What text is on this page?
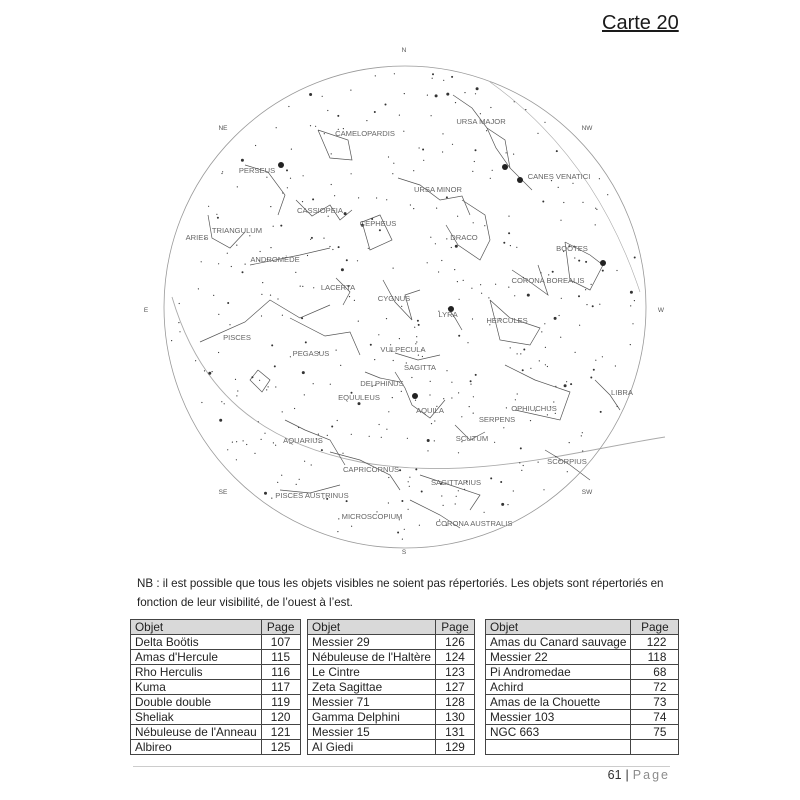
Carte 20
N
NE
E
SE
S
SW
W
NW
URSA MAJOR
CAMELOPARDIS
CANES VENATICI
PERSEUS
URSA MINOR
CASSIOPEIA
CEPHEUS
ARIES
TRIANGULUM
DRACO
BOOTES
ANDROMÈDE
CORONA BOREALIS
LACERTA
CYGNUS
LYRA
HERCULES
PISCES
PEGASUS	VULPECULA
SAGITTA
DELPHINUS
EQUULEUS
AQUILA	OPHIUCHUS
LIBRA
SERPENS
SCUTUM
AQUARIUS
CAPRICORNUS
SCORPIUS
SAGITTARIUS
PISCES AUSTRINUS
MICROSCOPIUM
CORONA AUSTRALIS
NB : il est possible que tous les objets visibles ne soient pas répertoriés. Les objets sont répertoriés en fonction de leur visibilité, de l’ouest à l’est.
Objet	Page
Delta Boötis	107
Amas d'Hercule	115
Rho Herculis	116
Kuma	117
Double double	119
Sheliak	120
Nébuleuse de l'Anneau	121
Albireo	125
Objet	Page
Messier 29	126
Nébuleuse de l'Haltère	124
Le Cintre	123
Zeta Sagittae	127
Messier 71	128
Gamma Delphini	130
Messier 15	131
Al Giedi	129
Objet	Page
Amas du Canard sauvage	122
Messier 22	118
Pi Andromedae	68
Achird	72
Amas de la Chouette	73
Messier 103	74
NGC 663	75

61 | Page
